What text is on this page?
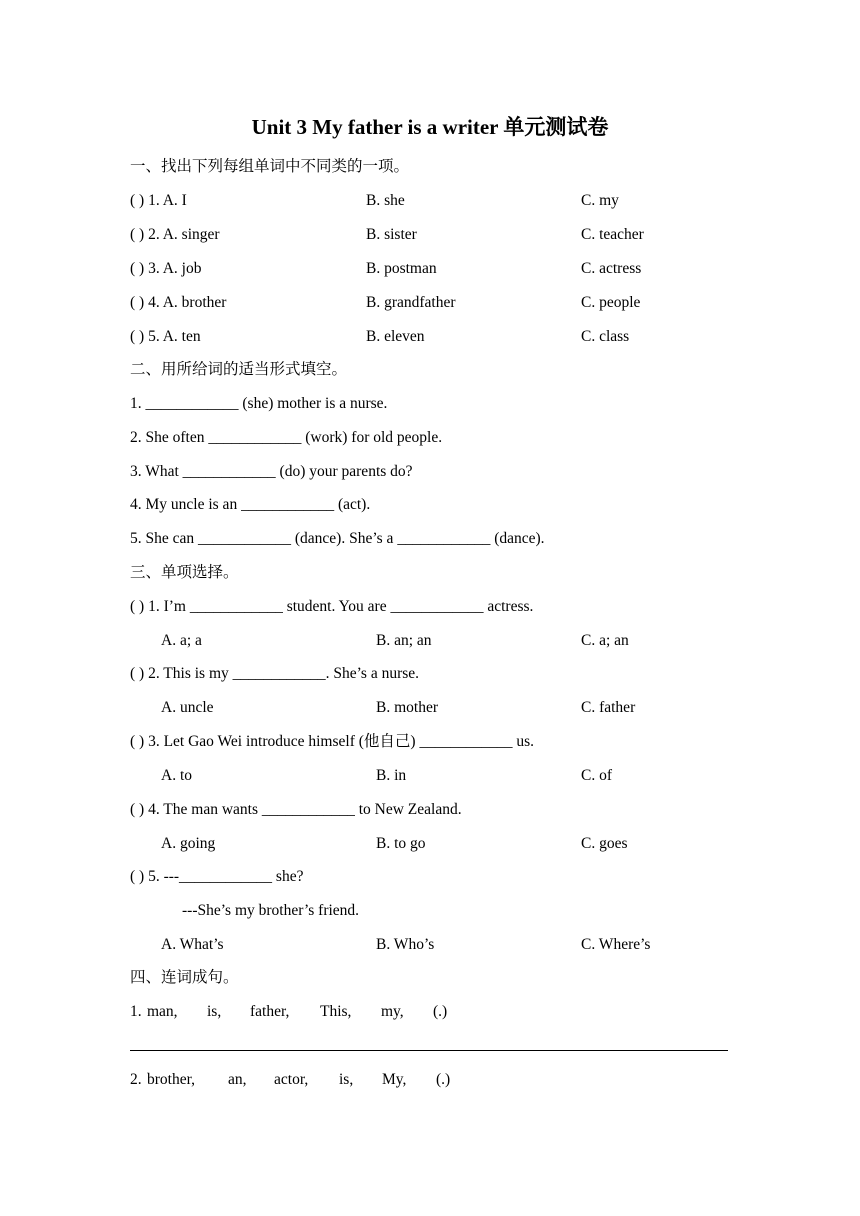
Unit 3 My father is a writer 单元测试卷
一、找出下列每组单词中不同类的一项。
( ) 1. A. I	B. she	C. my
( ) 2. A. singer	B. sister	C. teacher
( ) 3. A. job	B. postman	C. actress
( ) 4. A. brother	B. grandfather	C. people
( ) 5. A. ten	B. eleven	C. class
二、用所给词的适当形式填空。
1. ____________ (she) mother is a nurse.
2. She often ____________ (work) for old people.
3. What ____________ (do) your parents do?
4. My uncle is an ____________ (act).
5. She can ____________ (dance). She’s a ____________ (dance).
三、单项选择。
( ) 1. I’m ____________ student. You are ____________ actress.
A. a; a	B. an; an	C. a; an
( ) 2. This is my ____________. She’s a nurse.
A. uncle	B. mother	C. father
( ) 3. Let Gao Wei introduce himself (他自己) ____________ us.
A. to	B. in	C. of
( ) 4. The man wants ____________ to New Zealand.
A. going	B. to go	C. goes
( ) 5. ---____________ she?
---She’s my brother’s friend.
A. What’s	B. Who’s	C. Where’s
四、连词成句。
1. man, is, father, This, my, (.)
2. brother, an, actor, is, My, (.)
